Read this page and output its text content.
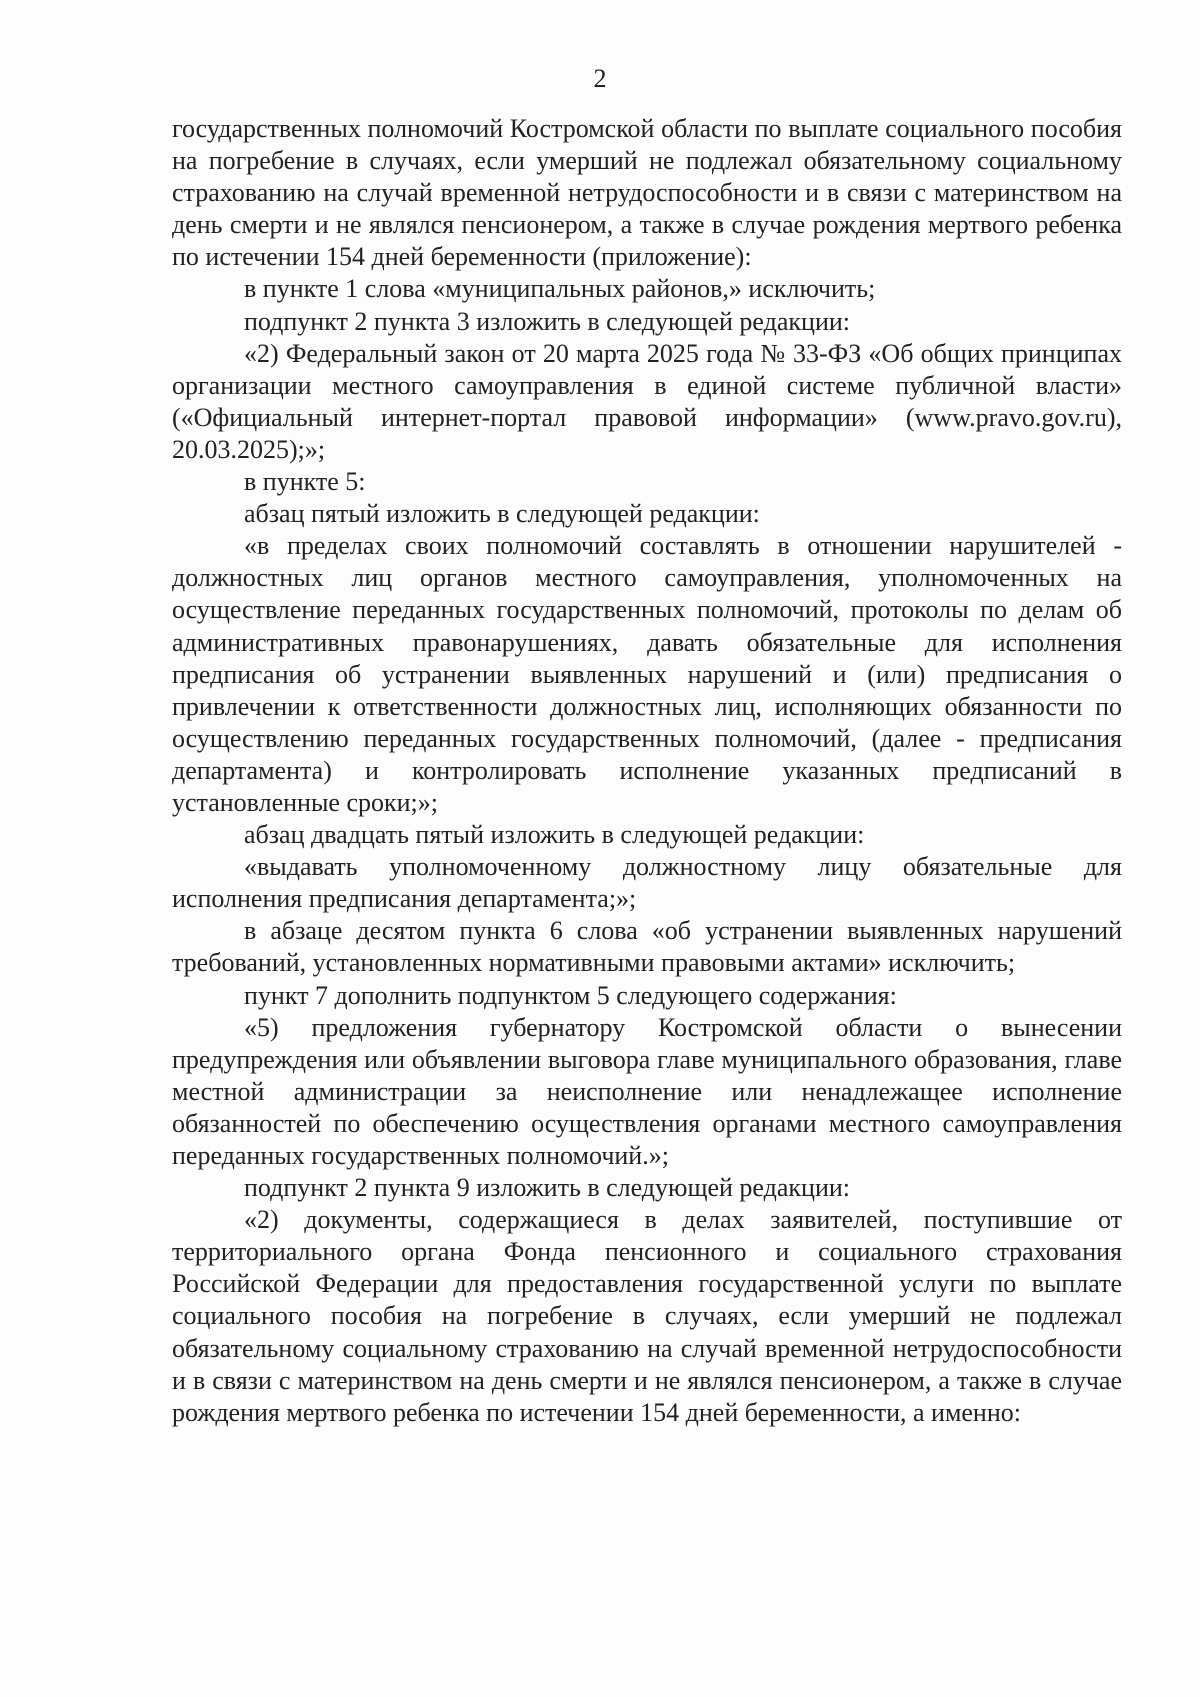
2

государственных полномочий Костромской области по выплате социального пособия на погребение в случаях, если умерший не подлежал обязательному социальному страхованию на случай временной нетрудоспособности и в связи с материнством на день смерти и не являлся пенсионером, а также в случае рождения мертвого ребенка по истечении 154 дней беременности (приложение):

в пункте 1 слова «муниципальных районов,» исключить;

подпункт 2 пункта 3 изложить в следующей редакции:

«2) Федеральный закон от 20 марта 2025 года № 33-ФЗ «Об общих принципах организации местного самоуправления в единой системе публичной власти» («Официальный интернет-портал правовой информации» (www.pravo.gov.ru), 20.03.2025);»;

в пункте 5:

абзац пятый изложить в следующей редакции:

«в пределах своих полномочий составлять в отношении нарушителей - должностных лиц органов местного самоуправления, уполномоченных на осуществление переданных государственных полномочий, протоколы по делам об административных правонарушениях, давать обязательные для исполнения предписания об устранении выявленных нарушений и (или) предписания о привлечении к ответственности должностных лиц, исполняющих обязанности по осуществлению переданных государственных полномочий, (далее - предписания департамента) и контролировать исполнение указанных предписаний в установленные сроки;»;

абзац двадцать пятый изложить в следующей редакции:

«выдавать уполномоченному должностному лицу обязательные для исполнения предписания департамента;»;

в абзаце десятом пункта 6 слова «об устранении выявленных нарушений требований, установленных нормативными правовыми актами» исключить;

пункт 7 дополнить подпунктом 5 следующего содержания:

«5) предложения губернатору Костромской области о вынесении предупреждения или объявлении выговора главе муниципального образования, главе местной администрации за неисполнение или ненадлежащее исполнение обязанностей по обеспечению осуществления органами местного самоуправления переданных государственных полномочий.»;

подпункт 2 пункта 9 изложить в следующей редакции:

«2) документы, содержащиеся в делах заявителей, поступившие от территориального органа Фонда пенсионного и социального страхования Российской Федерации для предоставления государственной услуги по выплате социального пособия на погребение в случаях, если умерший не подлежал обязательному социальному страхованию на случай временной нетрудоспособности и в связи с материнством на день смерти и не являлся пенсионером, а также в случае рождения мертвого ребенка по истечении 154 дней беременности, а именно:
